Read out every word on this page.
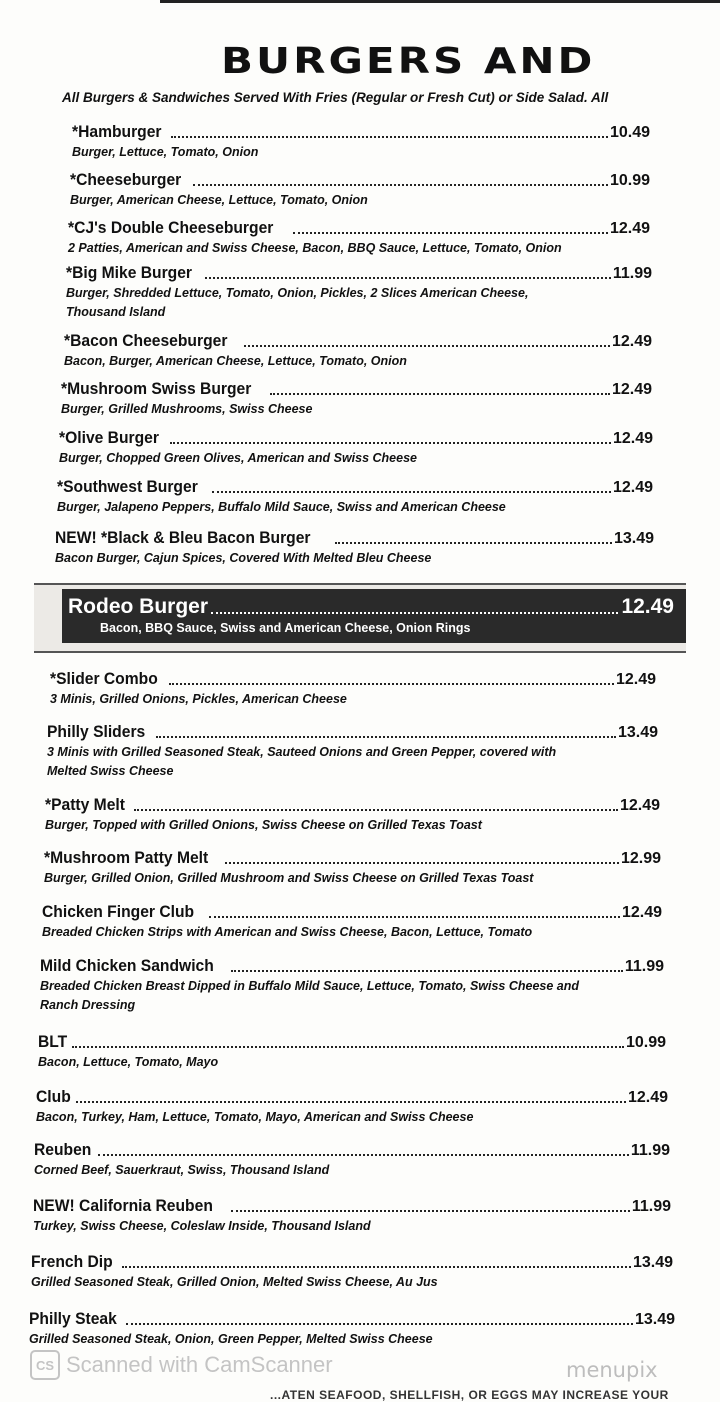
BURGERS AND
All Burgers & Sandwiches Served With Fries (Regular or Fresh Cut) or Side Salad. All
*Hamburger	10.49
Burger, Lettuce, Tomato, Onion
*Cheeseburger	10.99
Burger, American Cheese, Lettuce, Tomato, Onion
*CJ's Double Cheeseburger	12.49
2 Patties, American and Swiss Cheese, Bacon, BBQ Sauce, Lettuce, Tomato, Onion
*Big Mike Burger	11.99
Burger, Shredded Lettuce, Tomato, Onion, Pickles, 2 Slices American Cheese, Thousand Island
*Bacon Cheeseburger	12.49
Bacon, Burger, American Cheese, Lettuce, Tomato, Onion
*Mushroom Swiss Burger	12.49
Burger, Grilled Mushrooms, Swiss Cheese
*Olive Burger	12.49
Burger, Chopped Green Olives, American and Swiss Cheese
*Southwest Burger	12.49
Burger, Jalapeno Peppers, Buffalo Mild Sauce, Swiss and American Cheese
NEW! *Black & Bleu Bacon Burger	13.49
Bacon Burger, Cajun Spices, Covered With Melted Bleu Cheese
*Slider Combo	12.49
3 Minis, Grilled Onions, Pickles, American Cheese
Philly Sliders	13.49
3 Minis with Grilled Seasoned Steak, Sauteed Onions and Green Pepper, covered with Melted Swiss Cheese
*Patty Melt	12.49
Burger, Topped with Grilled Onions, Swiss Cheese on Grilled Texas Toast
*Mushroom Patty Melt	12.99
Burger, Grilled Onion, Grilled Mushroom and Swiss Cheese on Grilled Texas Toast
Chicken Finger Club	12.49
Breaded Chicken Strips with American and Swiss Cheese, Bacon, Lettuce, Tomato
Mild Chicken Sandwich	11.99
Breaded Chicken Breast Dipped in Buffalo Mild Sauce, Lettuce, Tomato, Swiss Cheese and Ranch Dressing
BLT	10.99
Bacon, Lettuce, Tomato, Mayo
Club	12.49
Bacon, Turkey, Ham, Lettuce, Tomato, Mayo, American and Swiss Cheese
Reuben	11.99
Corned Beef, Sauerkraut, Swiss, Thousand Island
NEW! California Reuben	11.99
Turkey, Swiss Cheese, Coleslaw Inside, Thousand Island
French Dip	13.49
Grilled Seasoned Steak, Grilled Onion, Melted Swiss Cheese, Au Jus
Philly Steak	13.49
Grilled Seasoned Steak, Onion, Green Pepper, Melted Swiss Cheese
Rodeo Burger	12.49
Bacon, BBQ Sauce, Swiss and American Cheese, Onion Rings
CS Scanned with CamScanner	menupix
...ATEN SEAFOOD, SHELLFISH, OR EGGS MAY INCREASE YOUR
